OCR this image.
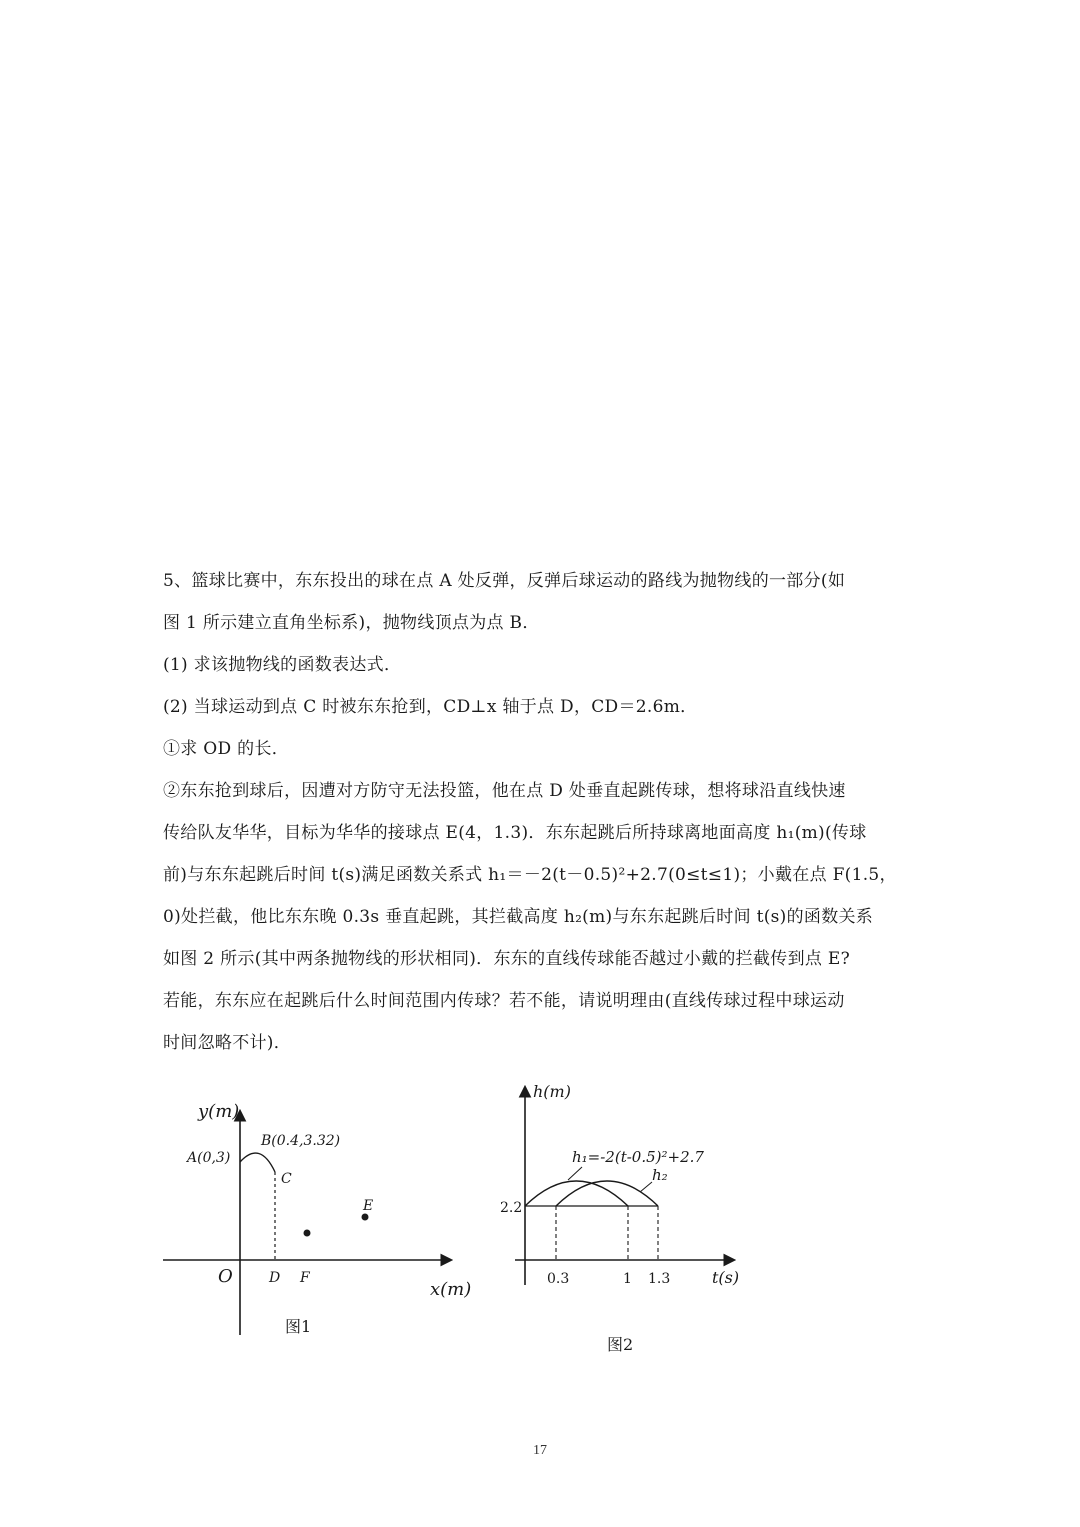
5、篮球比赛中，东东投出的球在点 A 处反弹，反弹后球运动的路线为抛物线的一部分(如

图 1 所示建立直角坐标系)，抛物线顶点为点 B．

(1) 求该抛物线的函数表达式．

(2) 当球运动到点 C 时被东东抢到，CD⊥x 轴于点 D，CD＝2.6m．

①求 OD 的长．

②东东抢到球后，因遭对方防守无法投篮，他在点 D 处垂直起跳传球，想将球沿直线快速

传给队友华华，目标为华华的接球点 E(4，1.3)．东东起跳后所持球离地面高度 h₁(m)(传球

前)与东东起跳后时间 t(s)满足函数关系式 h₁＝－2(t－0.5)²+2.7(0≤t≤1)；小戴在点 F(1.5，

0)处拦截，他比东东晚 0.3s 垂直起跳，其拦截高度 h₂(m)与东东起跳后时间 t(s)的函数关系

如图 2 所示(其中两条抛物线的形状相同)．东东的直线传球能否越过小戴的拦截传到点 E?

若能，东东应在起跳后什么时间范围内传球？若不能，请说明理由(直线传球过程中球运动

时间忽略不计)．

y(m)
x(m)
O
A(0,3)
B(0.4,3.32)
C
D F
E
图1
h(m)
t(s)
2.2
0.3	1 1.3
h₁=-2(t-0.5)²+2.7
h₂
图2
17
